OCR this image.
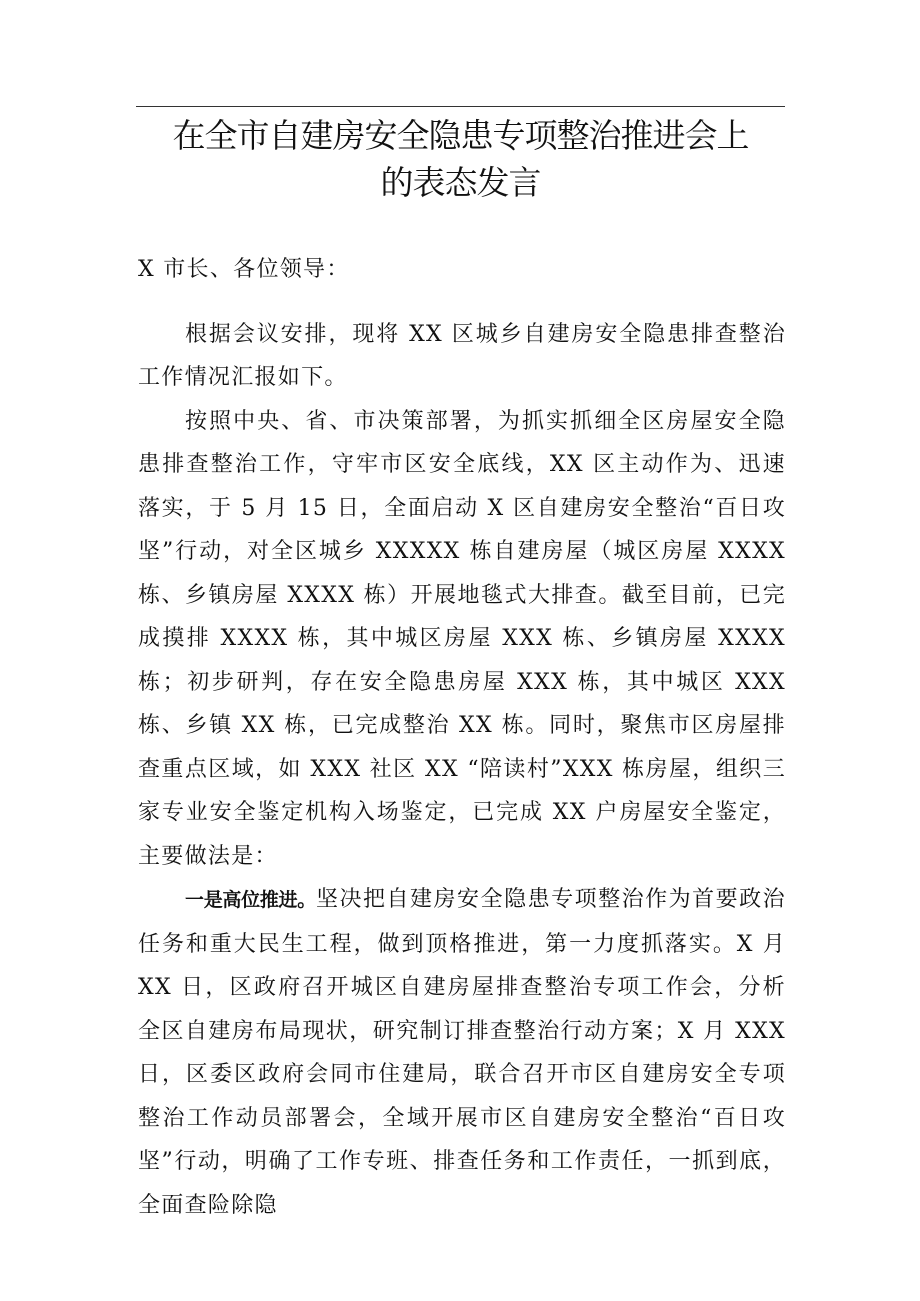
在全市自建房安全隐患专项整治推进会上
的表态发言

X 市长、各位领导：

根据会议安排，现将 XX 区城乡自建房安全隐患排查整治工作情况汇报如下。

按照中央、省、市决策部署，为抓实抓细全区房屋安全隐患排查整治工作，守牢市区安全底线，XX 区主动作为、迅速落实，于 5 月 15 日，全面启动 X 区自建房安全整治“百日攻坚”行动，对全区城乡 XXXXX 栋自建房屋（城区房屋 XXXX 栋、乡镇房屋 XXXX 栋）开展地毯式大排查。截至目前，已完成摸排 XXXX 栋，其中城区房屋 XXX 栋、乡镇房屋 XXXX 栋；初步研判，存在安全隐患房屋 XXX 栋，其中城区 XXX 栋、乡镇 XX 栋，已完成整治 XX 栋。同时，聚焦市区房屋排查重点区域，如 XXX 社区 XX “陪读村”XXX 栋房屋，组织三家专业安全鉴定机构入场鉴定，已完成 XX 户房屋安全鉴定，主要做法是：

一是高位推进。坚决把自建房安全隐患专项整治作为首要政治任务和重大民生工程，做到顶格推进，第一力度抓落实。X 月 XX 日，区政府召开城区自建房屋排查整治专项工作会，分析全区自建房布局现状，研究制订排查整治行动方案；X 月 XXX 日，区委区政府会同市住建局，联合召开市区自建房安全专项整治工作动员部署会，全域开展市区自建房安全整治“百日攻坚”行动，明确了工作专班、排查任务和工作责任，一抓到底，全面查险除隐
